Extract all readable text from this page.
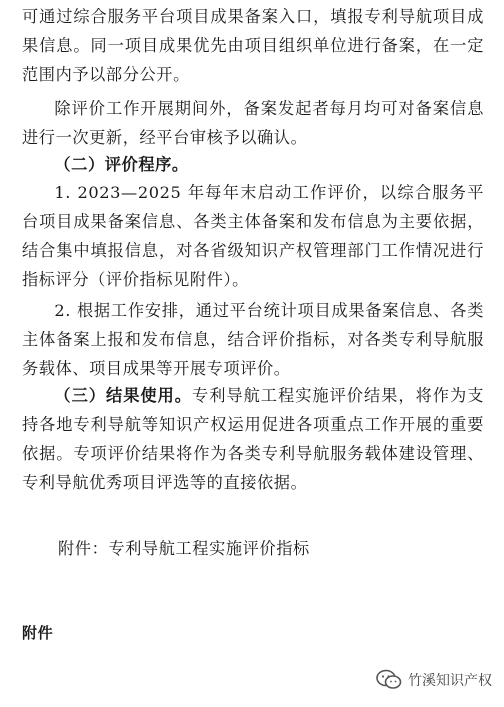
可通过综合服务平台项目成果备案入口，填报专利导航项目成果信息。同一项目成果优先由项目组织单位进行备案，在一定范围内予以部分公开。

除评价工作开展期间外，备案发起者每月均可对备案信息进行一次更新，经平台审核予以确认。

（二）评价程序。

1. 2023—2025 年每年末启动工作评价，以综合服务平台项目成果备案信息、各类主体备案和发布信息为主要依据，结合集中填报信息，对各省级知识产权管理部门工作情况进行指标评分（评价指标见附件）。

2. 根据工作安排，通过平台统计项目成果备案信息、各类主体备案上报和发布信息，结合评价指标，对各类专利导航服务载体、项目成果等开展专项评价。

（三）结果使用。专利导航工程实施评价结果，将作为支持各地专利导航等知识产权运用促进各项重点工作开展的重要依据。专项评价结果将作为各类专利导航服务载体建设管理、专利导航优秀项目评选等的直接依据。

附件：专利导航工程实施评价指标

附件

竹溪知识产权
